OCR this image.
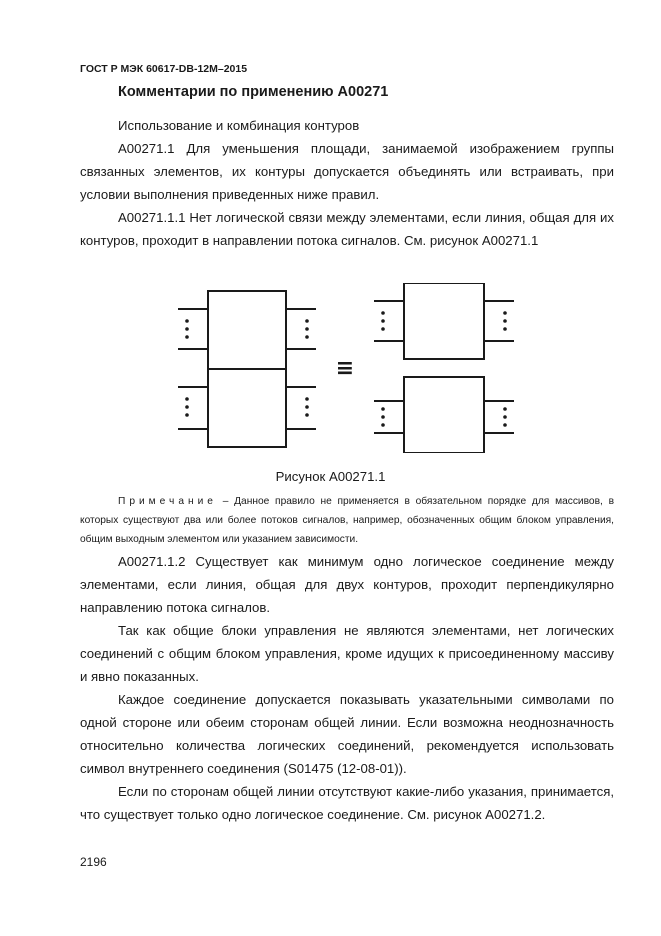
ГОСТ Р МЭК 60617-DB-12M–2015
Комментарии по применению A00271

Использование и комбинация контуров

A00271.1 Для уменьшения площади, занимаемой изображением группы связанных элементов, их контуры допускается объединять или встраивать, при условии выполнения приведенных ниже правил.

A00271.1.1 Нет логической связи между элементами, если линия, общая для их контуров, проходит в направлении потока сигналов. См. рисунок A00271.1

≡
Рисунок A00271.1

Примечание – Данное правило не применяется в обязательном порядке для массивов, в которых существуют два или более потоков сигналов, например, обозначенных общим блоком управления, общим выходным элементом или указанием зависимости.

A00271.1.2 Существует как минимум одно логическое соединение между элементами, если линия, общая для двух контуров, проходит перпендикулярно направлению потока сигналов.

Так как общие блоки управления не являются элементами, нет логических соединений с общим блоком управления, кроме идущих к присоединенному массиву и явно показанных.

Каждое соединение допускается показывать указательными символами по одной стороне или обеим сторонам общей линии. Если возможна неоднозначность относительно количества логических соединений, рекомендуется использовать символ внутреннего соединения (S01475 (12-08-01)).

Если по сторонам общей линии отсутствуют какие-либо указания, принимается, что существует только одно логическое соединение. См. рисунок A00271.2.

2196
